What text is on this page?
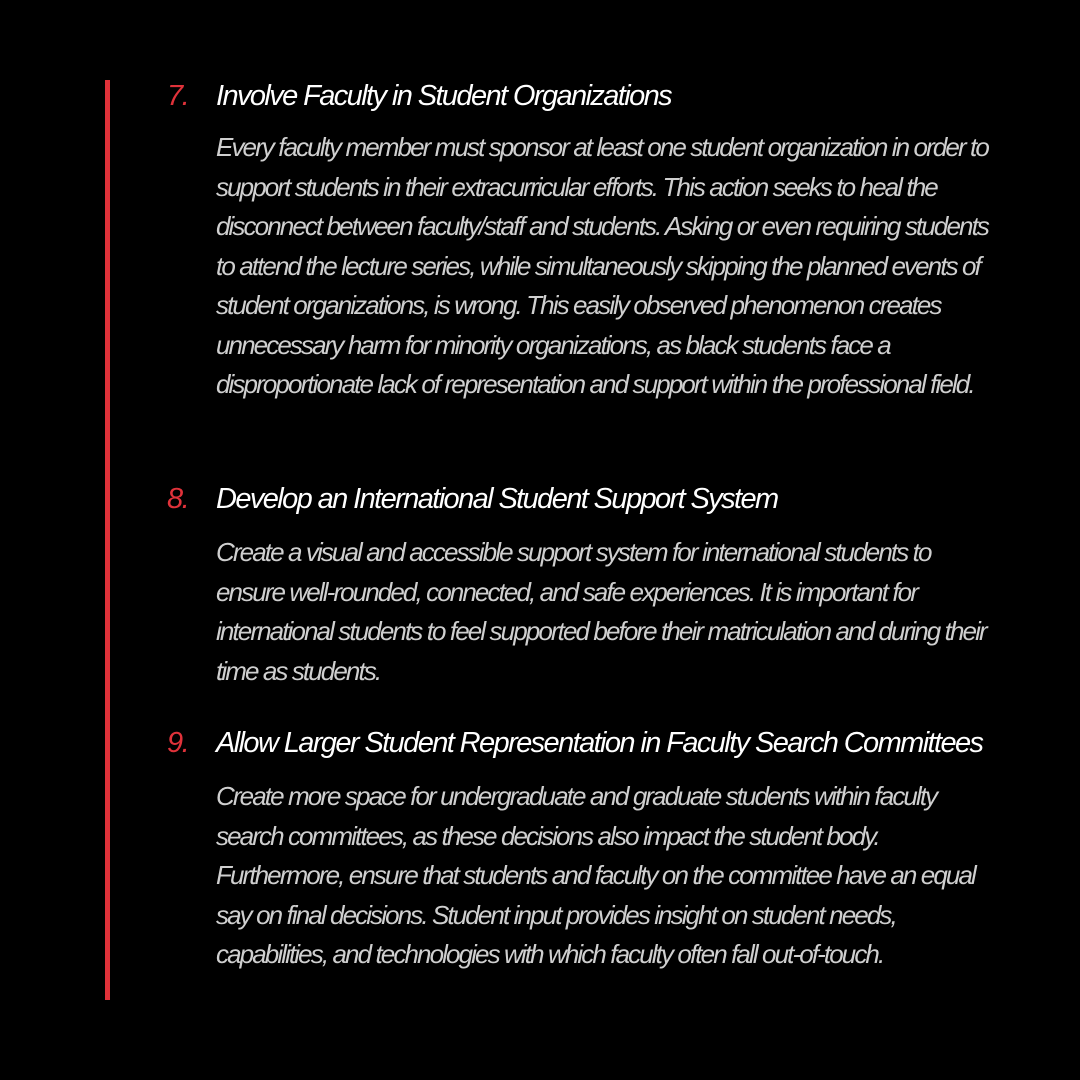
7. Involve Faculty in Student Organizations

Every faculty member must sponsor at least one student organization in order to support students in their extracurricular efforts. This action seeks to heal the disconnect between faculty/staff and students. Asking or even requiring students to attend the lecture series, while simultaneously skipping the planned events of student organizations, is wrong. This easily observed phenomenon creates unnecessary harm for minority organizations, as black students face a disproportionate lack of representation and support within the professional field.

8. Develop an International Student Support System

Create a visual and accessible support system for international students to ensure well-rounded, connected, and safe experiences. It is important for international students to feel supported before their matriculation and during their time as students.

9. Allow Larger Student Representation in Faculty Search Committees

Create more space for undergraduate and graduate students within faculty search committees, as these decisions also impact the student body. Furthermore, ensure that students and faculty on the committee have an equal say on final decisions. Student input provides insight on student needs, capabilities, and technologies with which faculty often fall out-of-touch.
